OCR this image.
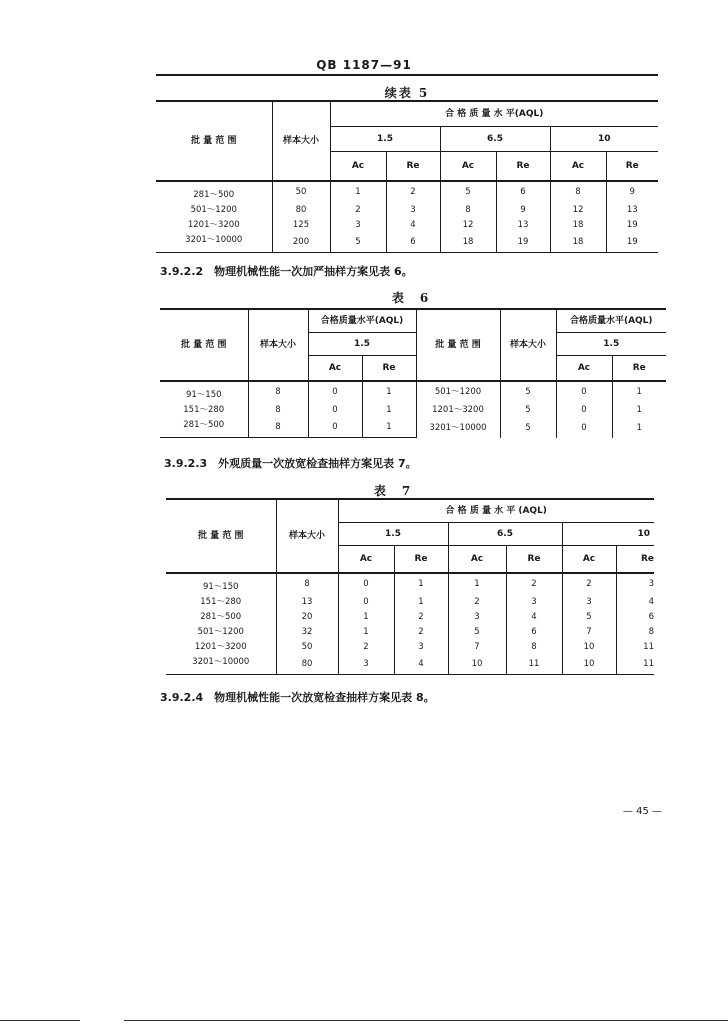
QB 1187—91
续表 5
批 量 范 围	样本大小	合 格 质 量 水 平(AQL)					
		1.5		6.5		10	
		Ac	Re	Ac	Re	Ac	Re
281～500	50	1	2	5	6	8	9
501～1200	80	2	3	8	9	12	13
1201～3200	125	3	4	12	13	18	19
3201～10000	200	5	6	18	19	18	19
3.9.2.2　物理机械性能一次加严抽样方案见表 6。
表　6
批 量 范 围	样本大小	合格质量水平(AQL)		批 量 范 围	样本大小	合格质量水平(AQL)	
		1.5				1.5	
		Ac	Re			Ac	Re
91～150	8	0	1	501～1200	5	0	1
151～280	8	0	1	1201～3200	5	0	1
281～500	8	0	1	3201～10000	5	0	1
3.9.2.3　外观质量一次放宽检查抽样方案见表 7。
表　7
批 量 范 围	样本大小	合 格 质 量 水 平 (AQL)					
		1.5		6.5		10	
		Ac	Re	Ac	Re	Ac	Re
91～150	8	0	1	1	2	2	3
151～280	13	0	1	2	3	3	4
281～500	20	1	2	3	4	5	6
501～1200	32	1	2	5	6	7	8
1201～3200	50	2	3	7	8	10	11
3201～10000	80	3	4	10	11	10	11
3.9.2.4　物理机械性能一次放宽检查抽样方案见表 8。
— 45 —
